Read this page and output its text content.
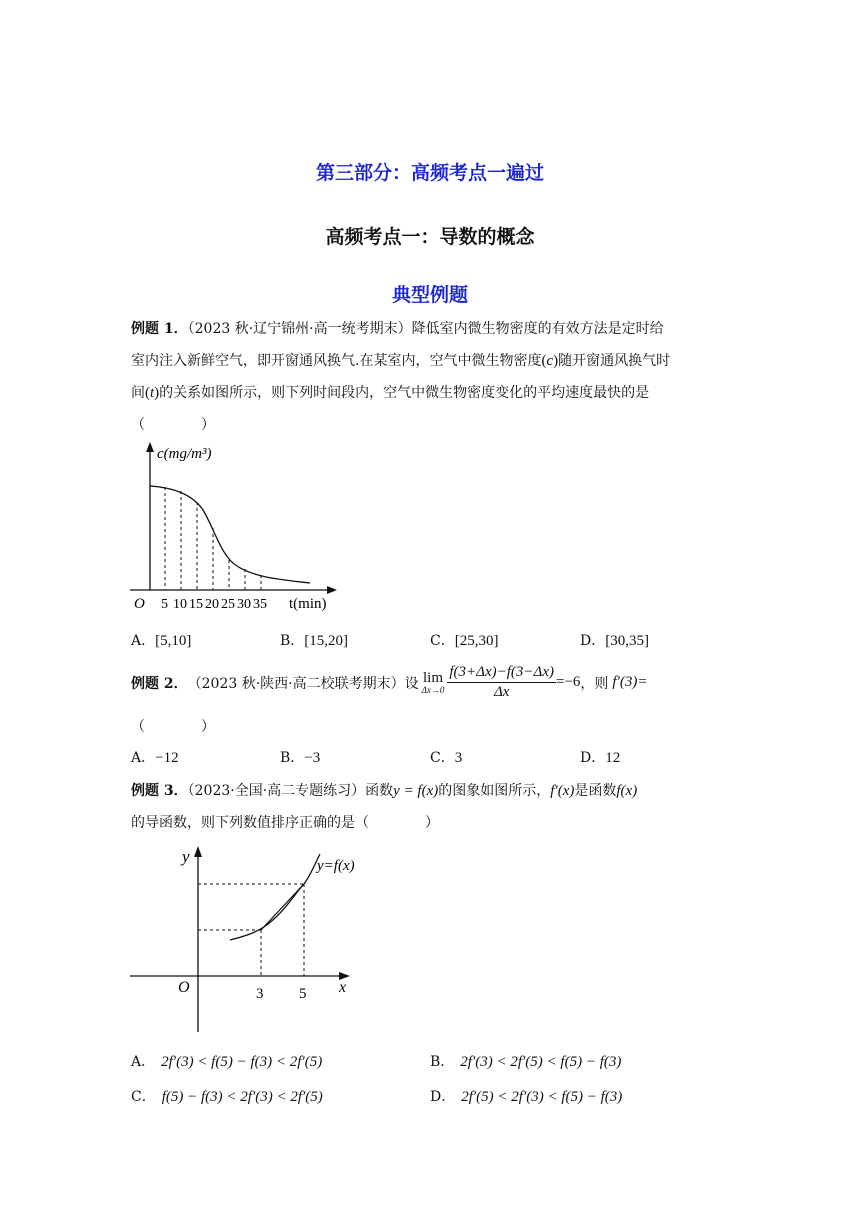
第三部分：高频考点一遍过
高频考点一：导数的概念
典型例题
例题 1．（2023 秋·辽宁锦州·高一统考期末）降低室内微生物密度的有效方法是定时给
室内注入新鲜空气，即开窗通风换气.在某室内，空气中微生物密度(c)随开窗通风换气时
间(t)的关系如图所示，则下列时间段内，空气中微生物密度变化的平均速度最快的是
（　　　　）
c(mg/m³)
O 5 10 15 20 25 30 35 t(min)
A．[5,10]	B．[15,20]	C．[25,30]	D．[30,35]
例题 2． （2023 秋·陕西·高二校联考期末） 设 lim
$\Delta x\to 0 \frac{f(3+\Delta x)-f(3-\Delta x)}{\Delta x} =-6$ ，则 f′(3)=
（　　　　）
A．−12	B．−3	C．3	D．12
例题 3．（2023·全国·高二专题练习）函数y = f(x)的图象如图所示，f′(x)是函数f(x)
的导函数，则下列数值排序正确的是（　　　　）
y	y=f(x)
O	3 5 x
A． 2f′(3) < f(5) − f(3) < 2f′(5)	B． 2f′(3) < 2f′(5) < f(5) − f(3)
C． f(5) − f(3) < 2f′(3) < 2f′(5)	D． 2f′(5) < 2f′(3) < f(5) − f(3)
